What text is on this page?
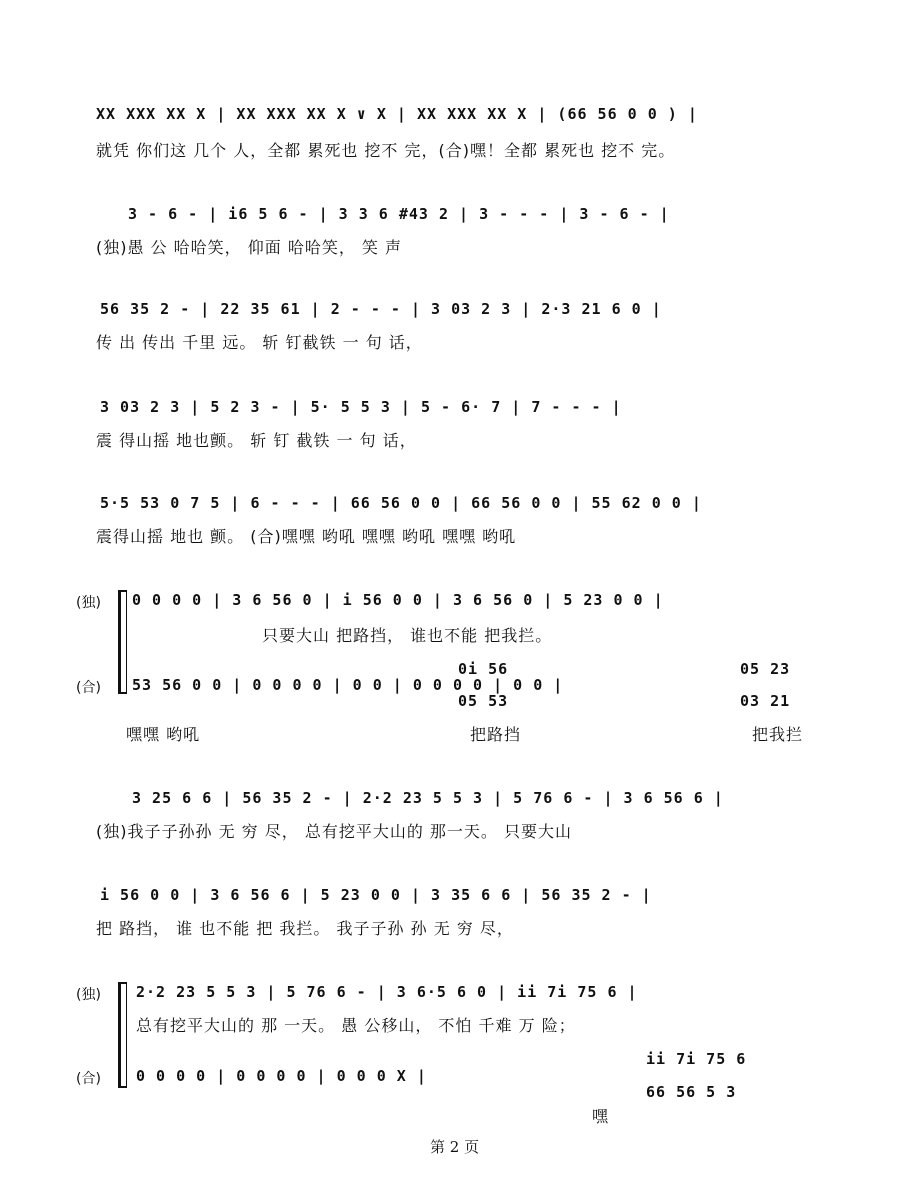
XX XXX XX X | XX XXX XX X ∨ X | XX XXX XX X | (66 56 0 0 ) |
就凭 你们这 几个 人，全都 累死也 挖不 完，(合)嘿！全都 累死也 挖不 完。
3 - 6 - | i6 5 6 - | 3 3 6 #43 2 | 3 - - - | 3 - 6 - |
(独)愚 公 哈哈笑， 仰面 哈哈笑， 笑 声
56 35 2 - | 22 35 61 | 2 - - - | 3 03 2 3 | 2·3 21 6 0 |
传 出 传出 千里 远。 斩 钉截铁 一 句 话，
3 03 2 3 | 5 2 3 - | 5· 5 5 3 | 5 - 6· 7 | 7 - - - |
震 得山摇 地也颤。 斩 钉 截铁 一 句 话，
5·5 53 0 7 5 | 6 - - - | 66 56 0 0 | 66 56 0 0 | 55 62 0 0 |
震得山摇 地也 颤。 (合)嘿嘿 哟吼 嘿嘿 哟吼 嘿嘿 哟吼
(独) 0 0 0 0 | 3 6 56 0 | i 56 0 0 | 3 6 56 0 | 5 23 0 0 |
只要大山 把路挡， 谁也不能 把我拦。
(合) 53 56 0 0 | 0 0 0 0 | 0 0 | 0 0 0 0 | 0 0 |
0i 56
05 53
05 23
03 21
嘿嘿 哟吼	把路挡	把我拦
3 25 6 6 | 56 35 2 - | 2·2 23 5 5 3 | 5 76 6 - | 3 6 56 6 |
(独)我子子孙孙 无 穷 尽， 总有挖平大山的 那一天。 只要大山
i 56 0 0 | 3 6 56 6 | 5 23 0 0 | 3 35 6 6 | 56 35 2 - |
把 路挡， 谁 也不能 把 我拦。 我子子孙 孙 无 穷 尽，
(独) 2·2 23 5 5 3 | 5 76 6 - | 3 6·5 6 0 | ii 7i 75 6 |
总有挖平大山的 那 一天。 愚 公移山， 不怕 千难 万 险；
(合) 0 0 0 0 | 0 0 0 0 | 0 0 0 X |
ii 7i 75 6
66 56 5 3
嘿
第 2 页
